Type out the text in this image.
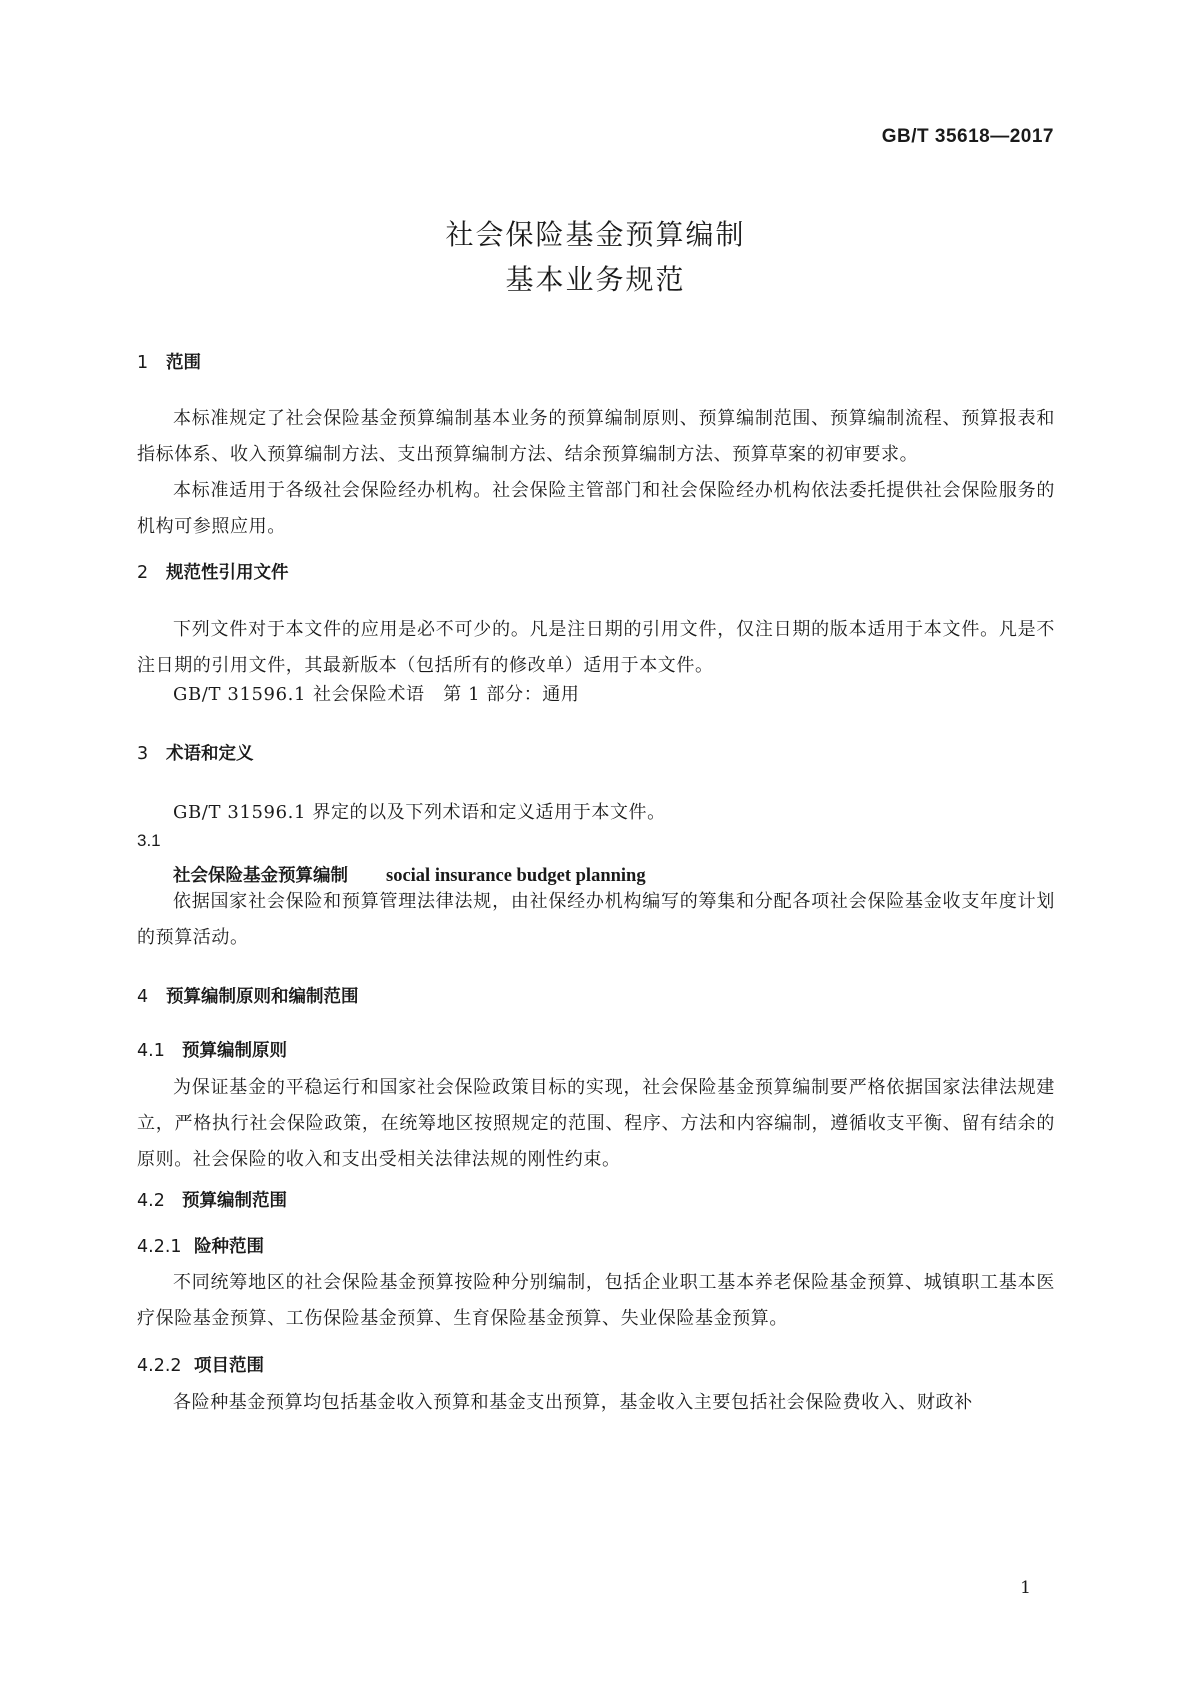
GB/T 35618—2017
社会保险基金预算编制
基本业务规范
1 范围
本标准规定了社会保险基金预算编制基本业务的预算编制原则、预算编制范围、预算编制流程、预算报表和指标体系、收入预算编制方法、支出预算编制方法、结余预算编制方法、预算草案的初审要求。
本标准适用于各级社会保险经办机构。社会保险主管部门和社会保险经办机构依法委托提供社会保险服务的机构可参照应用。
2 规范性引用文件
下列文件对于本文件的应用是必不可少的。凡是注日期的引用文件，仅注日期的版本适用于本文件。凡是不注日期的引用文件，其最新版本（包括所有的修改单）适用于本文件。
GB/T 31596.1 社会保险术语　第 1 部分：通用
3 术语和定义
GB/T 31596.1 界定的以及下列术语和定义适用于本文件。
3.1
社会保险基金预算编制 social insurance budget planning
依据国家社会保险和预算管理法律法规，由社保经办机构编写的筹集和分配各项社会保险基金收支年度计划的预算活动。
4 预算编制原则和编制范围
4.1 预算编制原则
为保证基金的平稳运行和国家社会保险政策目标的实现，社会保险基金预算编制要严格依据国家法律法规建立，严格执行社会保险政策，在统筹地区按照规定的范围、程序、方法和内容编制，遵循收支平衡、留有结余的原则。社会保险的收入和支出受相关法律法规的刚性约束。
4.2 预算编制范围
4.2.1 险种范围
不同统筹地区的社会保险基金预算按险种分别编制，包括企业职工基本养老保险基金预算、城镇职工基本医疗保险基金预算、工伤保险基金预算、生育保险基金预算、失业保险基金预算。
4.2.2 项目范围
各险种基金预算均包括基金收入预算和基金支出预算，基金收入主要包括社会保险费收入、财政补
1
